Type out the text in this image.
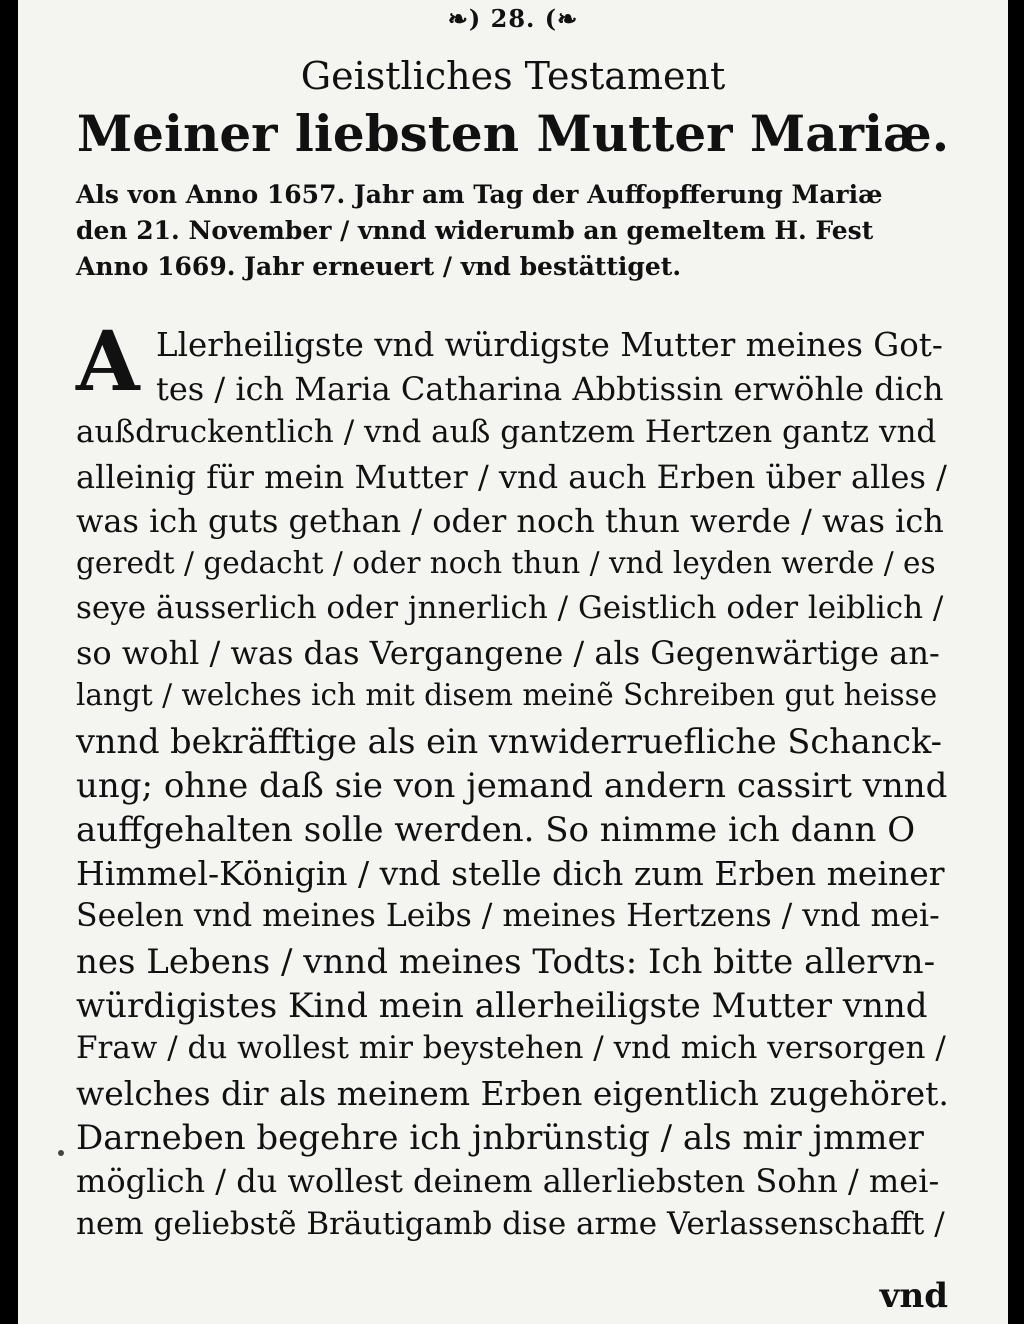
❧) 28. (❧
Geistliches Testament
Meiner liebsten Mutter Mariæ.
Als von Anno 1657. Jahr am Tag der Auffopfferung Mariæ
den 21. November / vnnd widerumb an gemeltem H. Fest
Anno 1669. Jahr erneuert / vnd bestättiget.
A Llerheiligste vnd würdigste Mutter meines Got-
tes / ich Maria Catharina Abbtissin erwöhle dich
außdruckentlich / vnd auß gantzem Hertzen gantz vnd
alleinig für mein Mutter / vnd auch Erben über alles /
was ich guts gethan / oder noch thun werde / was ich
geredt / gedacht / oder noch thun / vnd leyden werde / es
seye äusserlich oder jnnerlich / Geistlich oder leiblich /
so wohl / was das Vergangene / als Gegenwärtige an-
langt / welches ich mit disem meinẽ Schreiben gut heisse
vnnd bekräfftige als ein vnwiderruefliche Schanck-
ung; ohne daß sie von jemand andern cassirt vnnd
auffgehalten solle werden. So nimme ich dann O
Himmel-Königin / vnd stelle dich zum Erben meiner
Seelen vnd meines Leibs / meines Hertzens / vnd mei-
nes Lebens / vnnd meines Todts: Ich bitte allervn-
würdigistes Kind mein allerheiligste Mutter vnnd
Fraw / du wollest mir beystehen / vnd mich versorgen /
welches dir als meinem Erben eigentlich zugehöret.
Darneben begehre ich jnbrünstig / als mir jmmer
möglich / du wollest deinem allerliebsten Sohn / mei-
nem geliebstẽ Bräutigamb dise arme Verlassenschafft /
vnd
